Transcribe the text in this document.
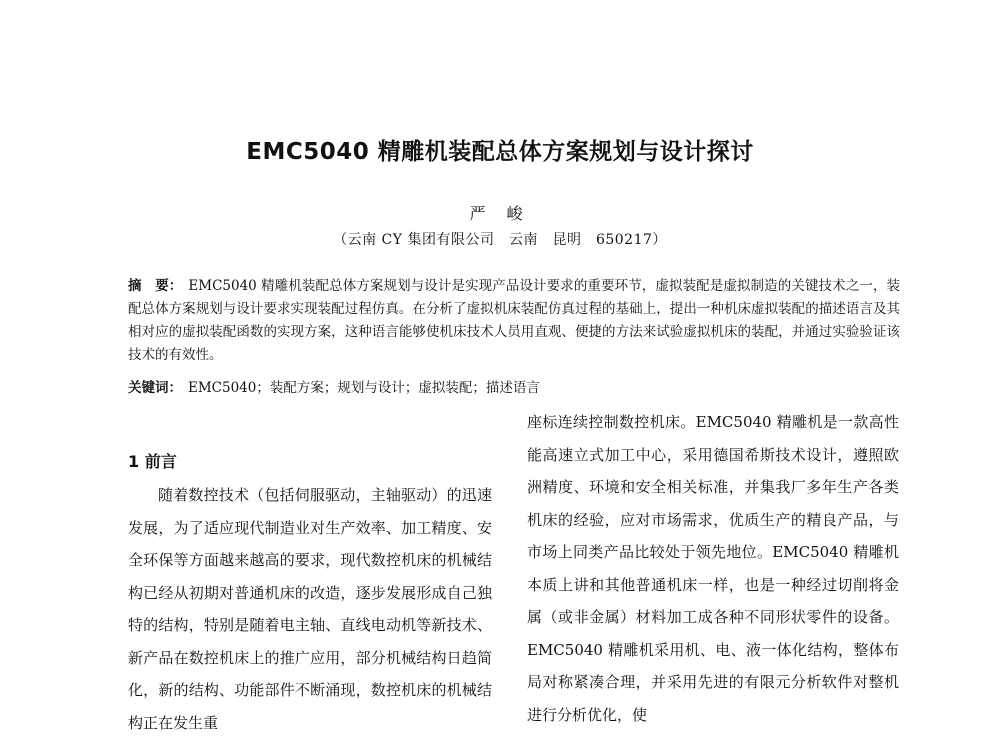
EMC5040 精雕机装配总体方案规划与设计探讨
严 峻
（云南 CY 集团有限公司　云南　昆明　650217）
摘　要： EMC5040 精雕机装配总体方案规划与设计是实现产品设计要求的重要环节，虚拟装配是虚拟制造的关键技术之一，装配总体方案规划与设计要求实现装配过程仿真。在分析了虚拟机床装配仿真过程的基础上，提出一种机床虚拟装配的描述语言及其相对应的虚拟装配函数的实现方案，这种语言能够使机床技术人员用直观、便捷的方法来试验虚拟机床的装配，并通过实验验证该技术的有效性。
关键词： EMC5040；装配方案；规划与设计；虚拟装配；描述语言
1 前言

随着数控技术（包括伺服驱动，主轴驱动）的迅速发展，为了适应现代制造业对生产效率、加工精度、安全环保等方面越来越高的要求，现代数控机床的机械结构已经从初期对普通机床的改造，逐步发展形成自己独特的结构，特别是随着电主轴、直线电动机等新技术、新产品在数控机床上的推广应用，部分机械结构日趋简化，新的结构、功能部件不断涌现，数控机床的机械结构正在发生重

座标连续控制数控机床。EMC5040 精雕机是一款高性能高速立式加工中心，采用德国希斯技术设计，遵照欧洲精度、环境和安全相关标准，并集我厂多年生产各类机床的经验，应对市场需求，优质生产的精良产品，与市场上同类产品比较处于领先地位。EMC5040 精雕机本质上讲和其他普通机床一样，也是一种经过切削将金属（或非金属）材料加工成各种不同形状零件的设备。EMC5040 精雕机采用机、电、液一体化结构，整体布局对称紧凑合理，并采用先进的有限元分析软件对整机进行分析优化，使
